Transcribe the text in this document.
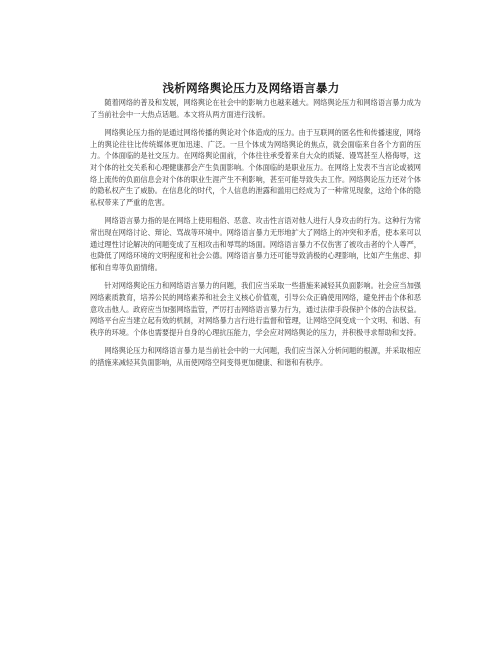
浅析网络舆论压力及网络语言暴力

随着网络的普及和发展，网络舆论在社会中的影响力也越来越大。网络舆论压力和网络语言暴力成为了当前社会中一大热点话题。本文将从两方面进行浅析。

网络舆论压力指的是通过网络传播的舆论对个体造成的压力。由于互联网的匿名性和传播速度，网络上的舆论往往比传统媒体更加迅速、广泛。一旦个体成为网络舆论的焦点，就会面临来自各个方面的压力。个体面临的是社交压力。在网络舆论面前，个体往往承受着来自大众的质疑、谩骂甚至人格侮辱，这对个体的社交关系和心理健康都会产生负面影响。个体面临的是职业压力。在网络上发表不当言论或被网络上流传的负面信息会对个体的职业生涯产生不利影响，甚至可能导致失去工作。网络舆论压力还对个体的隐私权产生了威胁。在信息化的时代，个人信息的泄露和滥用已经成为了一种常见现象，这给个体的隐私权带来了严重的危害。

网络语言暴力指的是在网络上使用粗俗、恶意、攻击性言语对他人进行人身攻击的行为。这种行为常常出现在网络讨论、辩论、骂战等环境中。网络语言暴力无形地扩大了网络上的冲突和矛盾，使本来可以通过理性讨论解决的问题变成了互相攻击和辱骂的场面。网络语言暴力不仅伤害了被攻击者的个人尊严，也降低了网络环境的文明程度和社会公德。网络语言暴力还可能导致消极的心理影响，比如产生焦虑、抑郁和自卑等负面情绪。

针对网络舆论压力和网络语言暴力的问题，我们应当采取一些措施来减轻其负面影响。社会应当加强网络素质教育，培养公民的网络素养和社会主义核心价值观，引导公众正确使用网络，避免抨击个体和恶意攻击他人。政府应当加强网络监管，严厉打击网络语言暴力行为，通过法律手段保护个体的合法权益。网络平台应当建立起有效的机制，对网络暴力言行进行监督和管理，让网络空间变成一个文明、和谐、有秩序的环境。个体也需要提升自身的心理抗压能力，学会应对网络舆论的压力，并积极寻求帮助和支持。

网络舆论压力和网络语言暴力是当前社会中的一大问题，我们应当深入分析问题的根源，并采取相应的措施来减轻其负面影响，从而使网络空间变得更加健康、和谐和有秩序。
